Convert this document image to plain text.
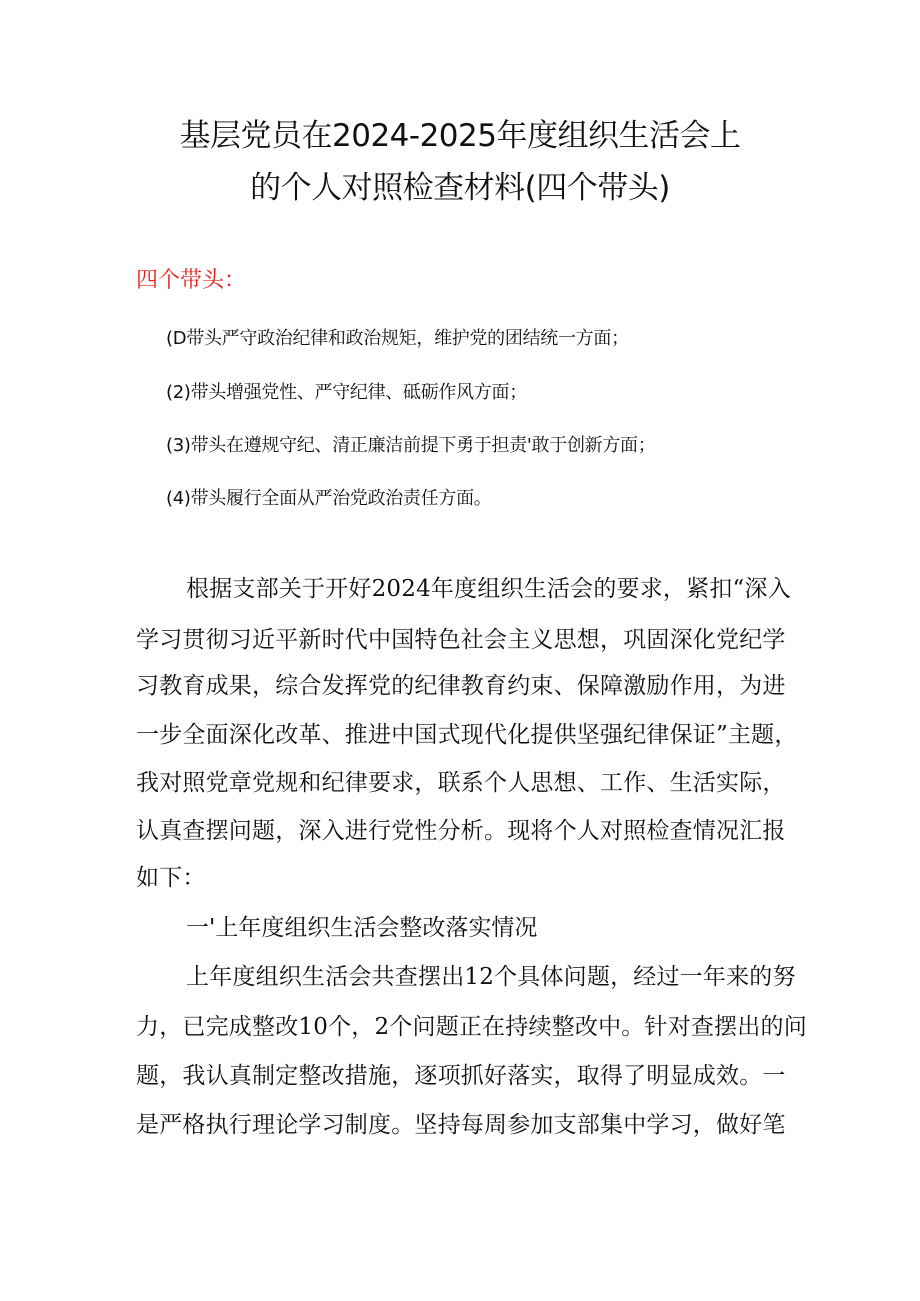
基层党员在2024-2025年度组织生活会上
的个人对照检查材料(四个带头)
四个带头：
(D带头严守政治纪律和政治规矩，维护党的团结统一方面；
(2)带头增强党性、严守纪律、砥砺作风方面；
(3)带头在遵规守纪、清正廉洁前提下勇于担责'敢于创新方面；
(4)带头履行全面从严治党政治责任方面。
根据支部关于开好2024年度组织生活会的要求，紧扣“深入
学习贯彻习近平新时代中国特色社会主义思想，巩固深化党纪学
习教育成果，综合发挥党的纪律教育约束、保障激励作用，为进
一步全面深化改革、推进中国式现代化提供坚强纪律保证”主题，
我对照党章党规和纪律要求，联系个人思想、工作、生活实际，
认真查摆问题，深入进行党性分析。现将个人对照检查情况汇报
如下：
一'上年度组织生活会整改落实情况
上年度组织生活会共查摆出12个具体问题，经过一年来的努
力，已完成整改10个，2个问题正在持续整改中。针对查摆出的问
题，我认真制定整改措施，逐项抓好落实，取得了明显成效。一
是严格执行理论学习制度。坚持每周参加支部集中学习，做好笔
